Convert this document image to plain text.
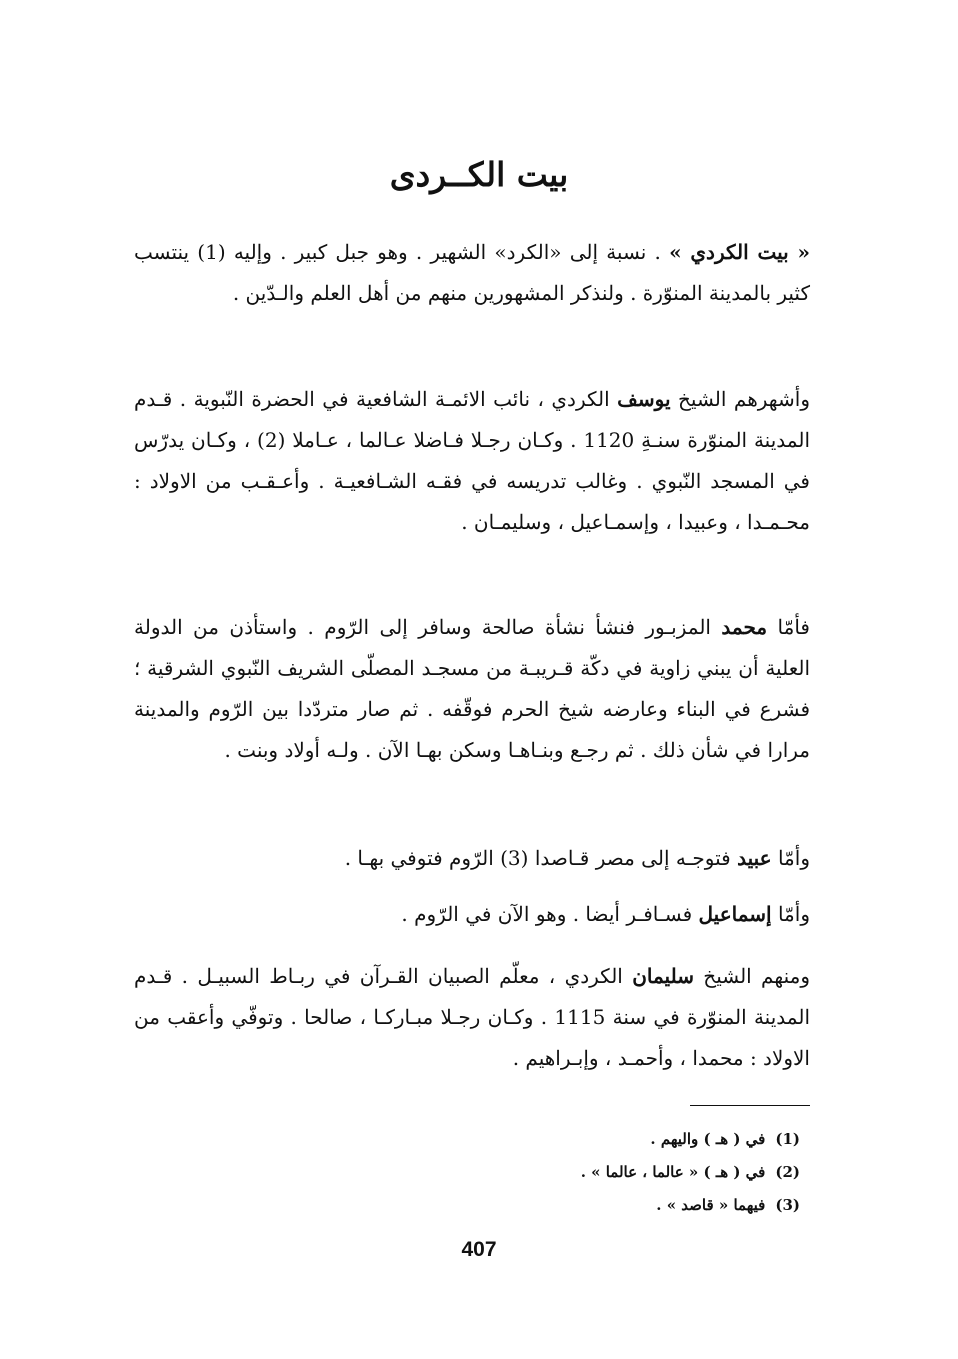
بيت الكــردى

« بيت الكردي » . نسبة إلى «الكرد» الشهير . وهو جبل كبير . وإليه (1) ينتسب كثير بالمدينة المنوّرة . ولنذكر المشهورين منهم من أهل العلم والـدّين .

وأشهرهم الشيخ يوسف الكردي ، نائب الائمـة الشافعية في الحضرة النّبوية . قـدم المدينة المنوّرة سنـةِ 1120 . وكـان رجـلا فـاضلا عـالما ، عـاملا (2) ، وكـان يدرّس في المسجد النّبوي . وغالب تدريسه في فقـه الشـافعيـة . وأعـقـب من الاولاد : محـمـدا ، وعبيدا ، وإسمـاعيل ، وسليمـان .

فأمّا محمد المزبـور فنشأ نشأة صالحة وسافر إلى الرّوم . واستأذن من الدولة العلية أن يبني زاوية في دكّة قـريبـة من مسجـد المصلّى الشريف النّبوي الشرقية ؛ فشرع في البناء وعارضه شيخ الحرم فوقّفه . ثم صار متردّدا بين الرّوم والمدينة مرارا في شأن ذلك . ثم رجـع وبنـاهـا وسكن بهـا الآن . ولـه أولاد وبنت .

وأمّا عبيد فتوجـه إلى مصر قـاصدا (3) الرّوم فتوفي بهـا .

وأمّا إسماعيل فسـافـر أيضا . وهو الآن في الرّوم .

ومنهم الشيخ سليمان الكردي ، معلّم الصبيان القـرآن في ربـاط السبيـل . قـدم المدينة المنوّرة في سنة 1115 . وكـان رجـلا مبـاركـا ، صالحا . وتوفّي وأعقب من الاولاد : محمدا ، وأحمـد ، وإبـراهيم .

(1)في ( هـ ) واليهم .
(2)في ( هـ ) « عالما ، عالما » .
(3)فيهما « قاصد » .
407
